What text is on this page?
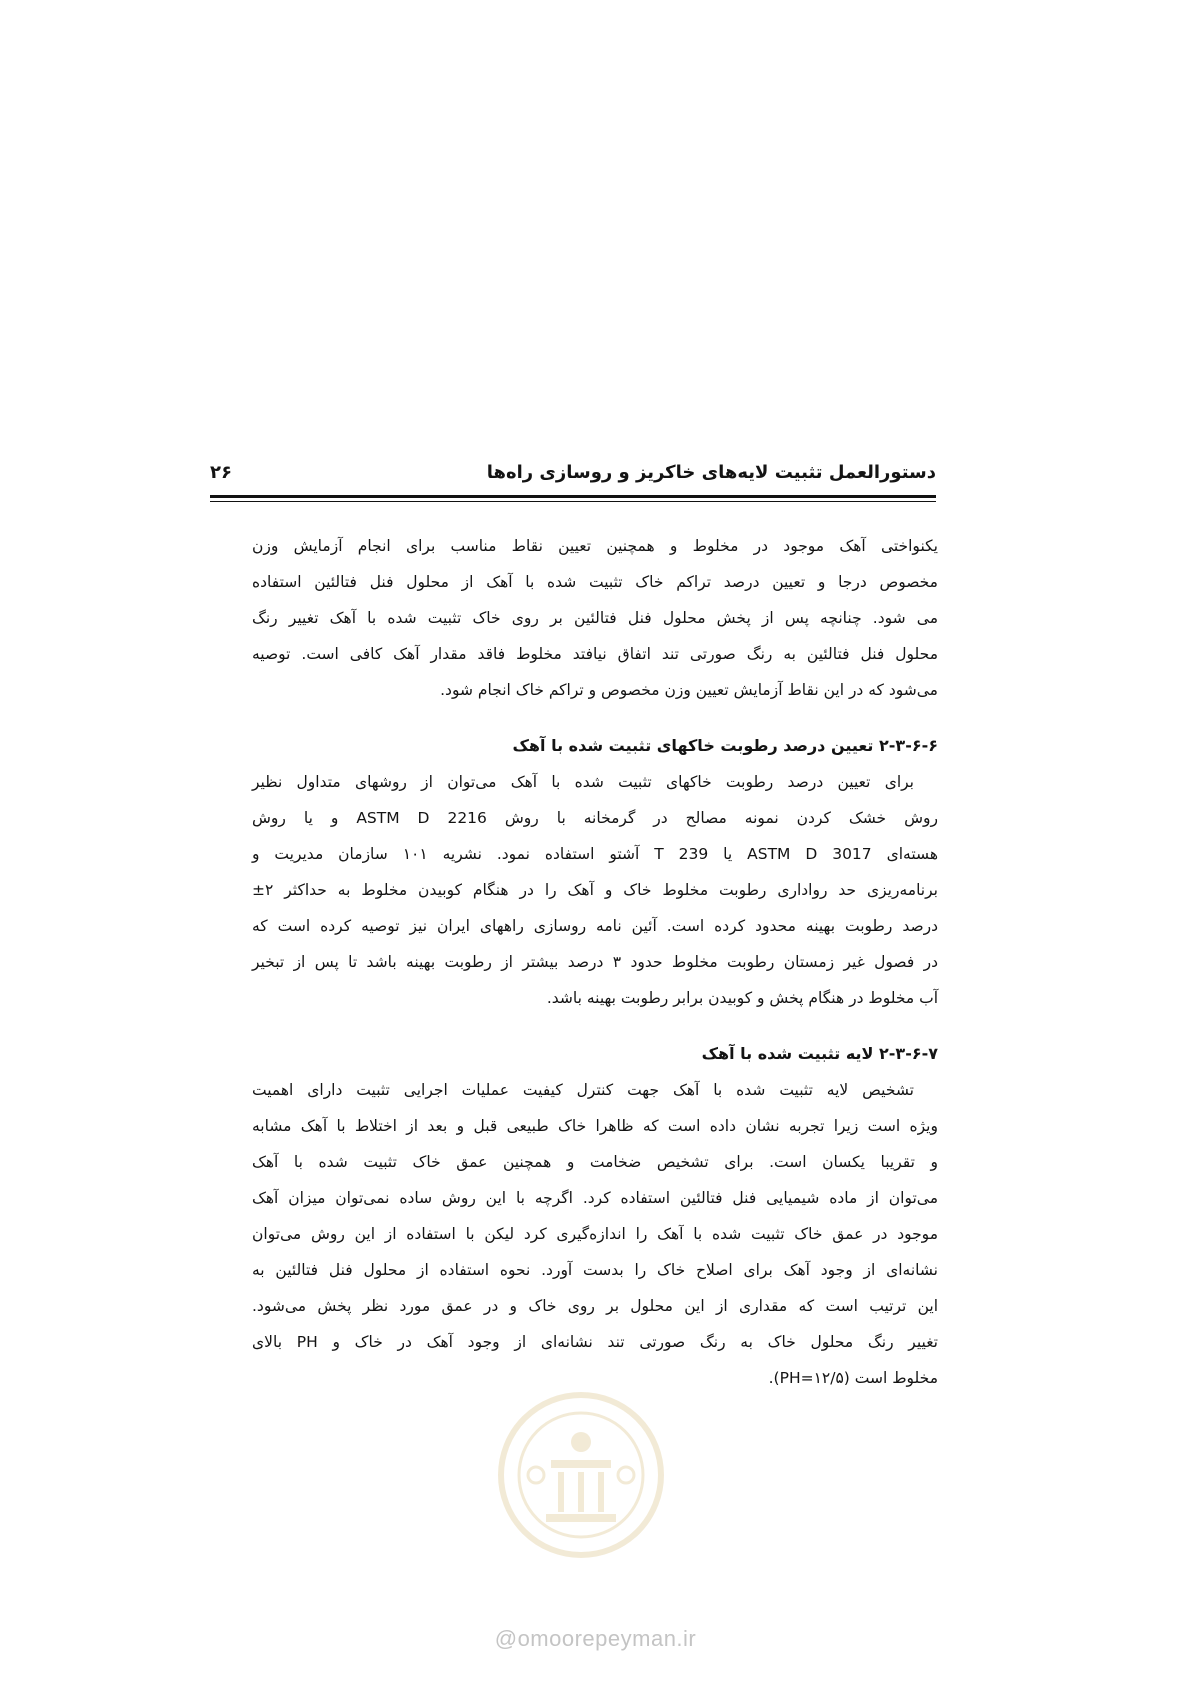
دستورالعمل تثبیت لایه‌های خاکریز و روسازی راه‌ها
۲۶
یکنواختی آهک موجود در مخلوط و همچنین تعیین نقاط مناسب برای انجام آزمایش وزن
مخصوص درجا و تعیین درصد تراکم خاک تثبیت شده با آهک از محلول فنل فتالئین استفاده
می شود. چنانچه پس از پخش محلول فنل فتالئین بر روی خاک تثبیت شده با آهک تغییر رنگ
محلول فنل فتالئین به رنگ صورتی تند اتفاق نیافتد مخلوط فاقد مقدار آهک کافی است. توصیه
می‌شود که در این نقاط آزمایش تعیین وزن مخصوص و تراکم خاک انجام شود.
۲-۳-۶-۶ تعیین درصد رطوبت خاکهای تثبیت شده با آهک
برای تعیین درصد رطوبت خاکهای تثبیت شده با آهک می‌توان از روشهای متداول نظیر
روش خشک کردن نمونه مصالح در گرمخانه با روش ASTM D 2216 و یا روش
هسته‌ای ASTM D 3017 یا T 239 آشتو استفاده نمود. نشریه ۱۰۱ سازمان مدیریت و
برنامه‌ریزی حد رواداری رطوبت مخلوط خاک و آهک را در هنگام کوبیدن مخلوط به حداکثر ۲±
درصد رطوبت بهینه محدود کرده است. آئین نامه روسازی راههای ایران نیز توصیه کرده است که
در فصول غیر زمستان رطوبت مخلوط حدود ۳ درصد بیشتر از رطوبت بهینه باشد تا پس از تبخیر
آب مخلوط در هنگام پخش و کوبیدن برابر رطوبت بهینه باشد.
۲-۳-۶-۷ لایه تثبیت شده با آهک
تشخیص لایه تثبیت شده با آهک جهت کنترل کیفیت عملیات اجرایی تثبیت دارای اهمیت
ویژه است زیرا تجربه نشان داده است که ظاهرا خاک طبیعی قبل و بعد از اختلاط با آهک مشابه
و تقریبا یکسان است. برای تشخیص ضخامت و همچنین عمق خاک تثبیت شده با آهک
می‌توان از ماده شیمیایی فنل فتالئین استفاده کرد. اگرچه با این روش ساده نمی‌توان میزان آهک
موجود در عمق خاک تثبیت شده با آهک را اندازه‌گیری کرد لیکن با استفاده از این روش می‌توان
نشانه‌ای از وجود آهک برای اصلاح خاک را بدست آورد. نحوه استفاده از محلول فنل فتالئین به
این ترتیب است که مقداری از این محلول بر روی خاک و در عمق مورد نظر پخش می‌شود.
تغییر رنگ محلول خاک به رنگ صورتی تند نشانه‌ای از وجود آهک در خاک و PH بالای
مخلوط است (PH=۱۲/۵).
@omoorepeyman.ir
